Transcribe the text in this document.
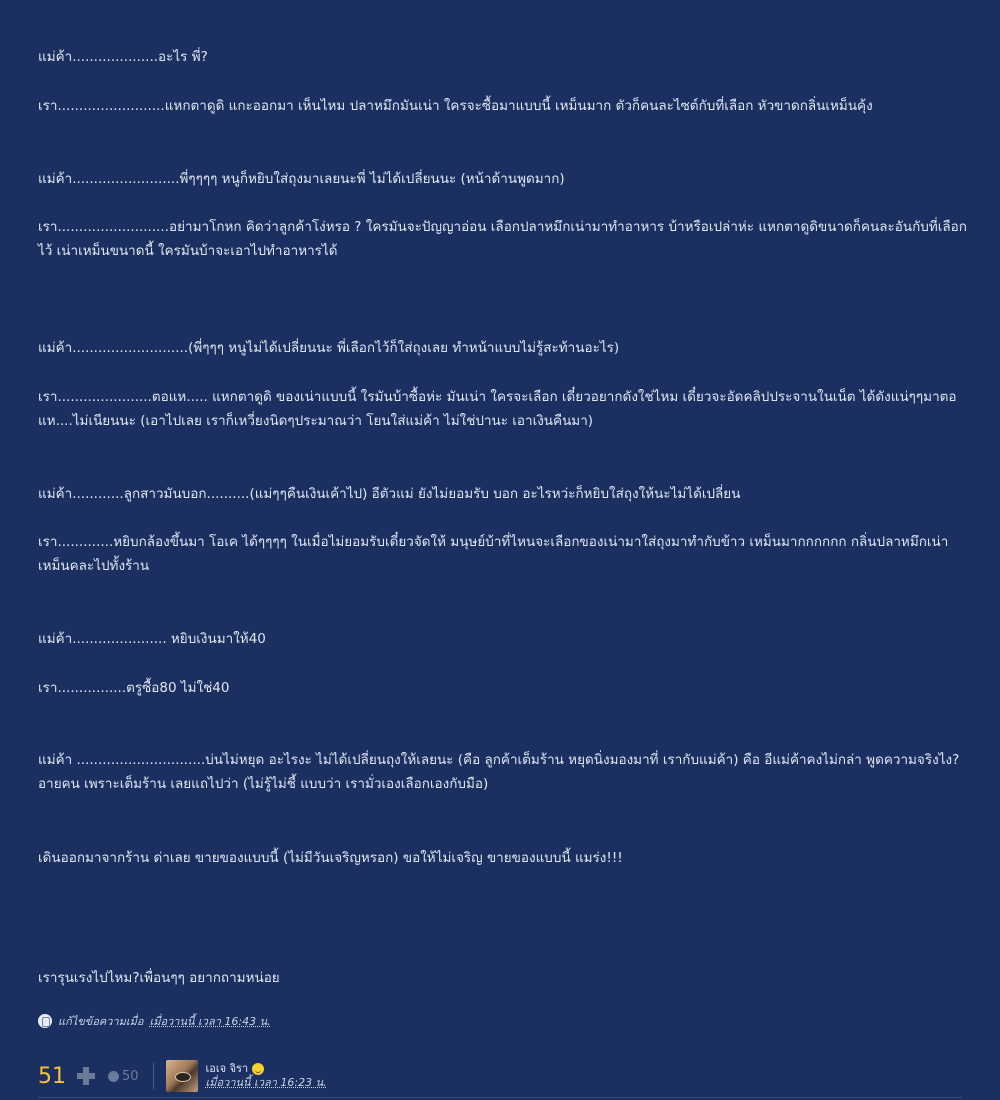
แม่ค้า....................อะไร พี่?
เรา.........................แหกตาดูดิ แกะออกมา เห็นไหม ปลาหมึกมันเน่า ใครจะซื้อมาแบบนี้ เหม็นมาก ตัวก็คนละไซต์กับที่เลือก หัวขาดกลิ่นเหม็นคุ้ง
แม่ค้า.........................พี่ๆๆๆๆ หนูก็หยิบใส่ถุงมาเลยนะพี่ ไม่ได้เปลี่ยนนะ (หน้าด้านพูดมาก)
เรา..........................อย่ามาโกหก คิดว่าลูกค้าโง่หรอ ? ใครมันจะปัญญาอ่อน เลือกปลาหมึกเน่ามาทำอาหาร บ้าหรือเปล่าห่ะ แหกตาดูดิขนาดก็คนละอันกับที่เลือกไว้ เน่าเหม็นขนาดนี้ ใครมันบ้าจะเอาไปทำอาหารได้
แม่ค้า...........................(พี่ๆๆๆ หนูไม่ได้เปลี่ยนนะ พี่เลือกไว้ก็ใส่ถุงเลย ทำหน้าแบบไม่รู้สะท้านอะไร)
เรา......................ตอแห..... แหกตาดูดิ ของเน่าแบบนี้ ใรมันบ้าซื้อห่ะ มันเน่า ใครจะเลือก เดี๋ยวอยากดังใช่ไหม เดี๋ยวจะอัดคลิปประจานในเน็ต ได้ดังแน่ๆๆมาตอแห....ไม่เนียนนะ (เอาไปเลย เราก็เหวี่ยงนิดๆประมาณว่า โยนใส่แม่ค้า ไม่ใช่ปานะ เอาเงินคืนมา)
แม่ค้า............ลูกสาวมันบอก..........(แม่ๆๆคืนเงินเค้าไป) อีตัวแม่ ยังไม่ยอมรับ บอก อะไรหว่ะก็หยิบใส่ถุงให้นะไม่ได้เปลี่ยน
เรา.............หยิบกล้องขึ้นมา โอเค ได้ๆๆๆๆ ในเมื่อไม่ยอมรับเดี๋ยวจัดให้ มนุษย์บ้าที่ไหนจะเลือกของเน่ามาใส่ถุงมาทำกับข้าว เหม็นมากกกกกก กลิ่นปลาหมึกเน่าเหม็นคละไปทั้งร้าน
แม่ค้า...................... หยิบเงินมาให้40
เรา................ตรูซื้อ80 ไม่ใช่40
แม่ค้า ..............................บ่นไม่หยุด อะไรงะ ไม่ได้เปลี่ยนถุงให้เลยนะ (คือ ลูกค้าเต็มร้าน หยุดนิ่งมองมาที่ เรากับแม่ค้า) คือ อีแม่ค้าคงไม่กล่า พูดความจริงไง? อายคน เพราะเต็มร้าน เลยแถไปว่า (ไม่รู้ไม่ชี้ แบบว่า เรามั่วเองเลือกเองกับมือ)
เดินออกมาจากร้าน ด่าเลย ขายของแบบนี้ (ไม่มีวันเจริญหรอก) ขอให้ไม่เจริญ ขายของแบบนี้ แมร่ง!!!
เรารุนเรงไปไหม?เพื่อนๆๆ อยากถามหน่อย
แก้ไขข้อความเมื่อ เมื่อวานนี้ เวลา 16:43 น.
51	50	เอเจ จิรา
เมื่อวานนี้ เวลา 16:23 น.
